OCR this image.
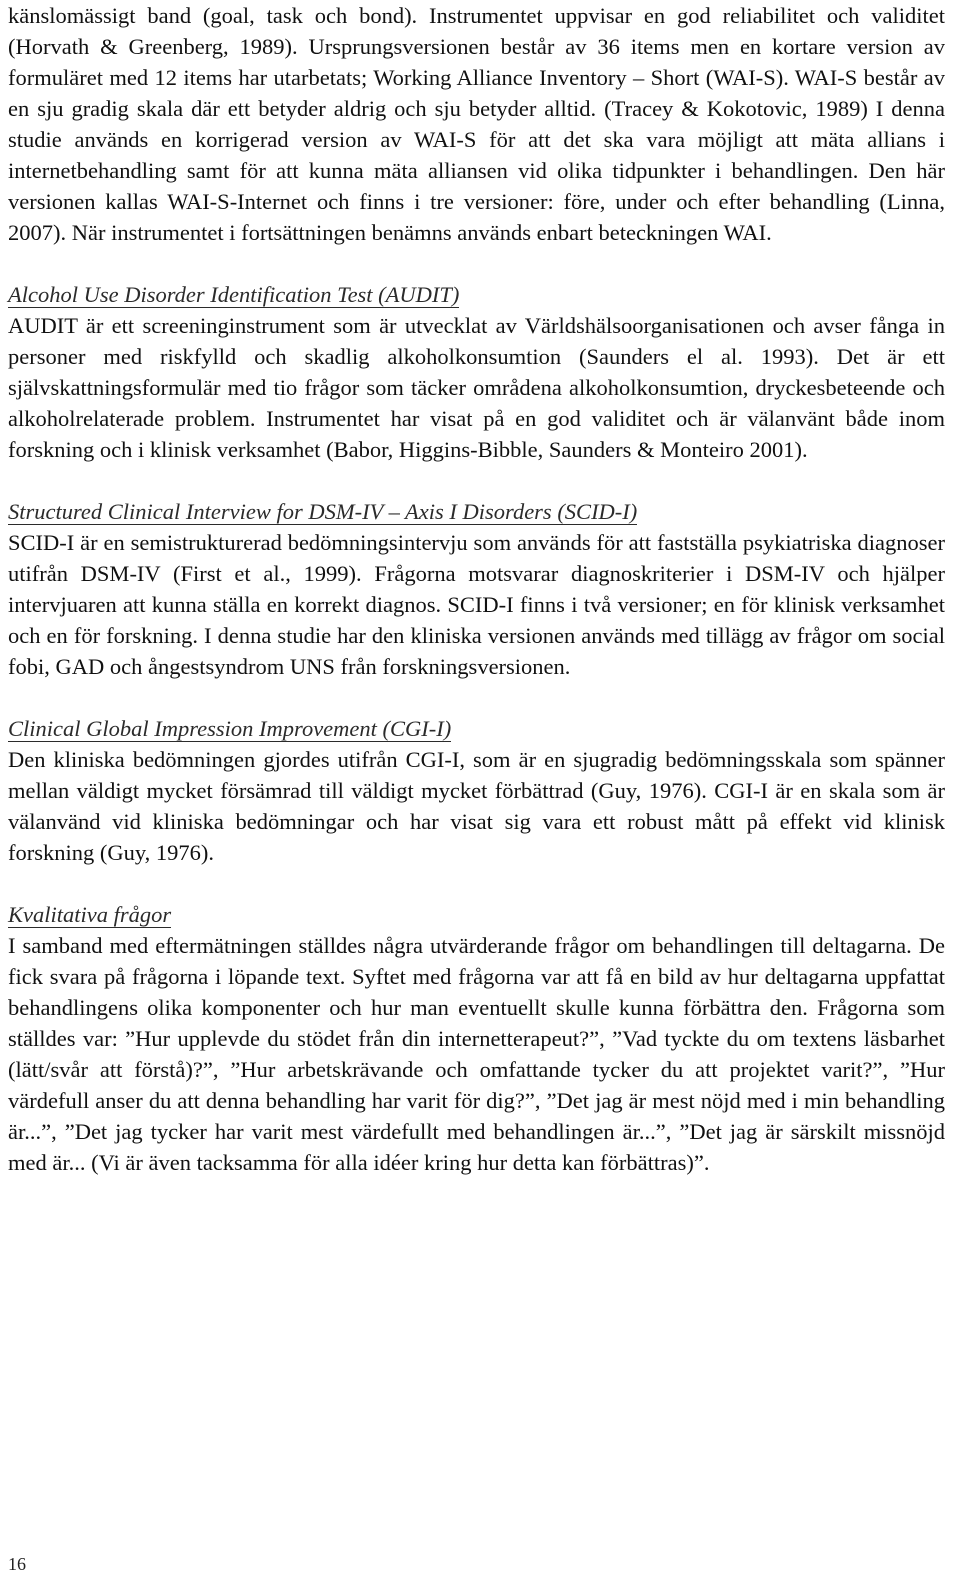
känslomässigt band (goal, task och bond). Instrumentet uppvisar en god reliabilitet och validitet (Horvath & Greenberg, 1989). Ursprungsversionen består av 36 items men en kortare version av formuläret med 12 items har utarbetats; Working Alliance Inventory – Short (WAI-S). WAI-S består av en sju gradig skala där ett betyder aldrig och sju betyder alltid. (Tracey & Kokotovic, 1989) I denna studie används en korrigerad version av WAI-S för att det ska vara möjligt att mäta allians i internetbehandling samt för att kunna mäta alliansen vid olika tidpunkter i behandlingen. Den här versionen kallas WAI-S-Internet och finns i tre versioner: före, under och efter behandling (Linna, 2007). När instrumentet i fortsättningen benämns används enbart beteckningen WAI.

Alcohol Use Disorder Identification Test (AUDIT)

AUDIT är ett screeninginstrument som är utvecklat av Världshälsoorganisationen och avser fånga in personer med riskfylld och skadlig alkoholkonsumtion (Saunders el al. 1993). Det är ett självskattningsformulär med tio frågor som täcker områdena alkoholkonsumtion, dryckesbeteende och alkoholrelaterade problem. Instrumentet har visat på en god validitet och är välanvänt både inom forskning och i klinisk verksamhet (Babor, Higgins-Bibble, Saunders & Monteiro 2001).

Structured Clinical Interview for DSM-IV – Axis I Disorders (SCID-I)

SCID-I är en semistrukturerad bedömningsintervju som används för att fastställa psykiatriska diagnoser utifrån DSM-IV (First et al., 1999). Frågorna motsvarar diagnoskriterier i DSM-IV och hjälper intervjuaren att kunna ställa en korrekt diagnos. SCID-I finns i två versioner; en för klinisk verksamhet och en för forskning. I denna studie har den kliniska versionen används med tillägg av frågor om social fobi, GAD och ångestsyndrom UNS från forskningsversionen.

Clinical Global Impression Improvement (CGI-I)

Den kliniska bedömningen gjordes utifrån CGI-I, som är en sjugradig bedömningsskala som spänner mellan väldigt mycket försämrad till väldigt mycket förbättrad (Guy, 1976). CGI-I är en skala som är välanvänd vid kliniska bedömningar och har visat sig vara ett robust mått på effekt vid klinisk forskning (Guy, 1976).

Kvalitativa frågor

I samband med eftermätningen ställdes några utvärderande frågor om behandlingen till deltagarna. De fick svara på frågorna i löpande text. Syftet med frågorna var att få en bild av hur deltagarna uppfattat behandlingens olika komponenter och hur man eventuellt skulle kunna förbättra den. Frågorna som ställdes var: ”Hur upplevde du stödet från din internetterapeut?”, ”Vad tyckte du om textens läsbarhet (lätt/svår att förstå)?”, ”Hur arbetskrävande och omfattande tycker du att projektet varit?”, ”Hur värdefull anser du att denna behandling har varit för dig?”, ”Det jag är mest nöjd med i min behandling är...”, ”Det jag tycker har varit mest värdefullt med behandlingen är...”, ”Det jag är särskilt missnöjd med är... (Vi är även tacksamma för alla idéer kring hur detta kan förbättras)”.

16
